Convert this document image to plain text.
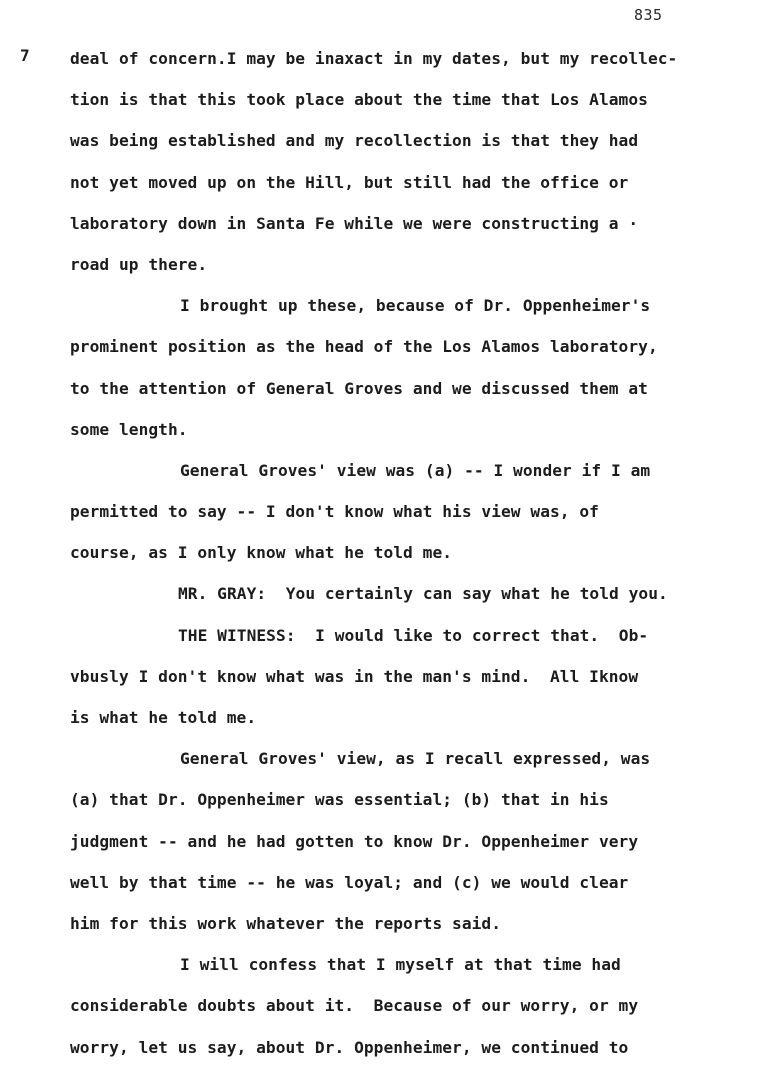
835
7 deal of concern.I may be inaxact in my dates, but my recollec-
tion is that this took place about the time that Los Alamos
was being established and my recollection is that they had
not yet moved up on the Hill, but still had the office or
laboratory down in Santa Fe while we were constructing a ·
road up there.
I brought up these, because of Dr. Oppenheimer's
prominent position as the head of the Los Alamos laboratory,
to the attention of General Groves and we discussed them at
some length.
General Groves' view was (a) -- I wonder if I am
permitted to say -- I don't know what his view was, of
course, as I only know what he told me.
MR. GRAY:  You certainly can say what he told you.
THE WITNESS:  I would like to correct that.  Ob-
vbusly I don't know what was in the man's mind.  All Iknow
is what he told me.
General Groves' view, as I recall expressed, was
(a) that Dr. Oppenheimer was essential; (b) that in his
judgment -- and he had gotten to know Dr. Oppenheimer very
well by that time -- he was loyal; and (c) we would clear
him for this work whatever the reports said.
I will confess that I myself at that time had
considerable doubts about it.  Because of our worry, or my
worry, let us say, about Dr. Oppenheimer, we continued to
